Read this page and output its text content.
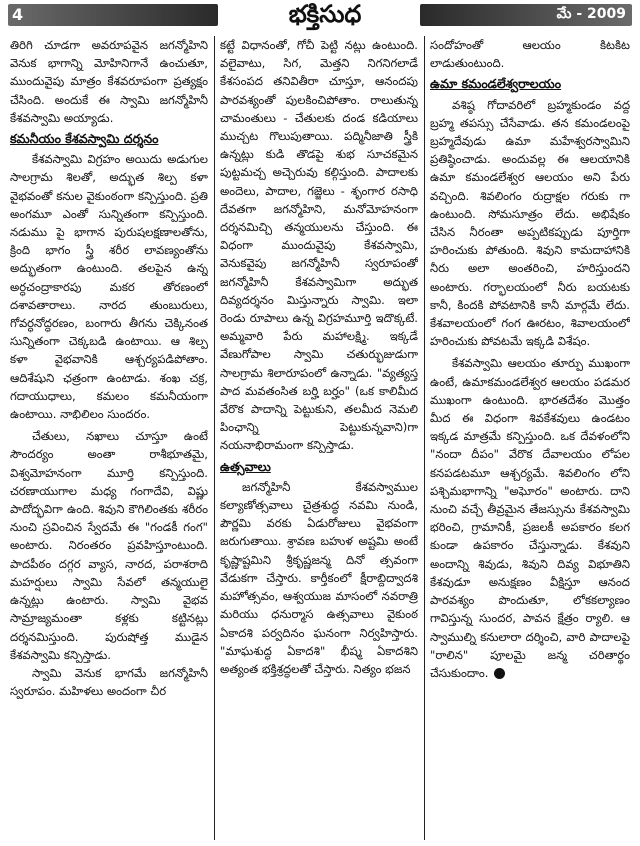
4	భక్తిసుధ	మే - 2009

తిరిగి చూడగా అవరూపవైన జగన్మోహిని వెనుక భాగాన్ని మోహినిగానే ఉంచుతూ, ముందువైపు మాత్రం కేశవరూపంగా ప్రత్యక్షం చేసింది. అందుకే ఈ స్వామి జగన్మోహినీ కేశవస్వామి అయ్యాడు.

కమనీయం కేశవస్వామి దర్శనం

కేశవస్వామి విగ్రహం అయిదు అడుగుల సాలగ్రామ శిలతో, అద్భుత శిల్ప కళా వైభవంతో కనుల వైకుంఠంగా కన్పిస్తుంది. ప్రతి అంగమూ ఎంతో సున్నితంగా కన్పిస్తుంది. నడుము పై భాగాన పురుషలక్షణాలతోను, క్రింది భాగం స్త్రీ శరీర లావణ్యంతోను అద్భుతంగా ఉంటుంది. తలపైన ఉన్న అర్ధచంద్రాకారపు మకర తోరణంలో దశావతారాలు. నారద తుంబురులు, గోవర్ధనోద్ధరణం, బంగారు తీగను చెక్కినంత సున్నితంగా చెక్కబడి ఉంటాయి. ఆ శిల్ప కళా వైభవానికి ఆశ్చర్యపడిపోతాం. ఆదిశేషుని ఛత్రంగా ఉంటాడు. శంఖ చక్ర, గదాయుధాలు, కమలం కమనీయంగా ఉంటాయి. నాభిలిలం సుందరం.

చేతులు, నఖాలు చూస్తూ ఉంటే సౌందర్యం అంతా రాశీభూతమై, విశ్వమోహనంగా మూర్తి కన్పిస్తుంది. చరణాయుగాల మధ్య గంగాదేవి, విష్ణు పాదోద్భవిగా ఉంది. శివుని కౌగిలింతకు శరీరం నుంచి స్రవించిన స్వేదమే ఈ "గండకీ గంగ" అంటారు. నిరంతరం ప్రవహిస్తూంటుంది. పాదపీఠం దగ్గర వ్యాస, నారద, పరాశరాది మహర్షులు స్వామి సేవలో తన్మయులై ఉన్నట్లు ఉంటారు. స్వామి వైభవ సామ్రాజ్యమంతా కళ్లకు కట్టినట్లు దర్శనమిస్తుంది. పురుషోత్త ముడైన కేశవస్వామి కన్పిస్తాడు.

స్వామి వెనుక భాగమే జగన్మోహినీ స్వరూపం. మహిళలు అందంగా చీర

కట్టే విధానంతో, గోచీ పెట్టి నట్లు ఉంటుంది. వలైవాటు, సిగ, మెత్తని నిగనిగలాడే కేశసంపద తనివితీరా చూస్తూ, ఆనందపు పారవశ్యంతో పులకించిపోతాం. రాలుతున్న చామంతులు - చేతులకు దండ కడియాలు ముచ్చట గొలుపుతాయి. పద్మినీజాతి స్త్రీకి ఉన్నట్లు కుడి తొడపై శుభ సూచకమైన పుట్టమచ్చ అచ్చెరువు కల్గిస్తుంది. పాదాలకు అందెలు, పాదాల, గజ్జెలు - శృంగార రసాధి దేవతగా జగన్మోహిని, మనోమోహనంగా దర్శనమిచ్చి తన్మయులను చేస్తుంది. ఈ విధంగా ముందువైపు కేశవస్వామి, వెనుకవైపు జగన్మోహినీ స్వరూపంతో జగన్మోహినీ కేశవస్వామిగా అద్భుత దివ్యదర్శనం మిస్తున్నారు స్వామి. ఇలా రెండు రూపాలు ఉన్న విగ్రహమూర్తి ఇదొక్కటే. అమ్మవారి పేరు మహాలక్ష్మి. ఇక్కడే వేణుగోపాల స్వామి చతుర్భుజుడుగా సాలగ్రామ శిలారూపంలో ఉన్నాడు. "వ్యత్యస్త పాద మవతంసిత బర్హి బర్హం" (ఒక కాలిమీద వేరొక పాదాన్ని పెట్టుకుని, తలమీద నెమలి పింఛాన్ని పెట్టుకున్నవాని)గా నయనాభిరామంగా కన్పిస్తాడు.

ఉత్సవాలు

జగన్మోహినీ కేశవస్వాముల కల్యాణోత్సవాలు చైత్రశుద్ధ నవమి నుండి, పౌర్ణమి వరకు ఏడురోజులు వైభవంగా జరుగుతాయి. శ్రావణ బహుళ అష్టమి అంటే కృష్ణాష్టమిని శ్రీకృష్ణజన్మ దినో త్సవంగా వేడుకగా చేస్తారు. కార్తీకంలో క్షీరాబ్దిద్వాదశి మహోత్సవం, ఆశ్వయుజ మాసంలో నవరాత్రి మరియు ధనుర్మాస ఉత్సవాలు వైకుంఠ ఏకాదశి పర్వదినం ఘనంగా నిర్వహిస్తారు. "మాఘశుద్ధ ఏకాదశి" భీష్మ ఏకాదశిని అత్యంత భక్తిశ్రద్ధలతో చేస్తారు. నిత్యం భజన

సందోహంతో ఆలయం కిటకిట లాడుతుంటుంది.

ఉమా కమండలేశ్వరాలయం

వశిష్ఠ గోదావరిలో బ్రహ్మకుండం వద్ద బ్రహ్మ తపస్సు చేసేవాడు. తన కమండలంపై బ్రహ్మదేవుడు ఉమా మహేశ్వరస్వామిని ప్రతిష్ఠించాడు. అందువల్ల ఈ ఆలయానికి ఉమా కమండలేశ్వర ఆలయం అని పేరు వచ్చింది. శివలింగం రుద్రాక్షల గరుకు గా ఉంటుంది. సోమసూత్రం లేదు. అభిషేకం చేసిన నీరంతా అప్పటికప్పుడు పూర్తిగా హరించుకు పోతుంది. శివుని కామదాహానికి నీరు అలా అంతరించి, హరిస్తుందని అంటారు. గర్భాలయంలో నీరు బయటకు కానీ, కిందకి పోవటానికి కానీ మార్గమే లేదు. కేశవాలయంలో గంగ ఊరటం, శివాలయంలో హరించుకు పోవటమే ఇక్కడి విశేషం.

కేశవస్వామి ఆలయం తూర్పు ముఖంగా ఉంటే, ఉమాకమండలేశ్వర ఆలయం పడమర ముఖంగా ఉంటుంది. భారతదేశం మొత్తం మీద ఈ విధంగా శివకేశవులు ఉండటం ఇక్కడ మాత్రమే కన్పిస్తుంది. ఒక దేవళంలోని "నందా దీపం" వేరొక దేవాలయం లోపల కనపడటమూ ఆశ్చర్యమే. శివలింగం లోని పశ్చిమభాగాన్ని "అఘోరం" అంటారు. దాని నుంచి వచ్చే తీవ్రమైన తేజస్సును కేశవస్వామి భరించి, గ్రామానికీ, ప్రజలకీ అపకారం కలగ కుండా ఉపకారం చేస్తున్నాడు. కేశవుని అందాన్ని శివుడు, శివుని దివ్య విభూతిని కేశవుడూ అనుక్షణం వీక్షిస్తూ ఆనంద పారవశ్యం పొందుతూ, లోకకల్యాణం గావిస్తున్న సుందర, పావన క్షేత్రం ర్యాలి. ఆ స్వాముల్ని కనులారా దర్శించి, వారి పాదాలపై "రాలిన" పూలమై జన్మ చరితార్థం చేసుకుందాం.
